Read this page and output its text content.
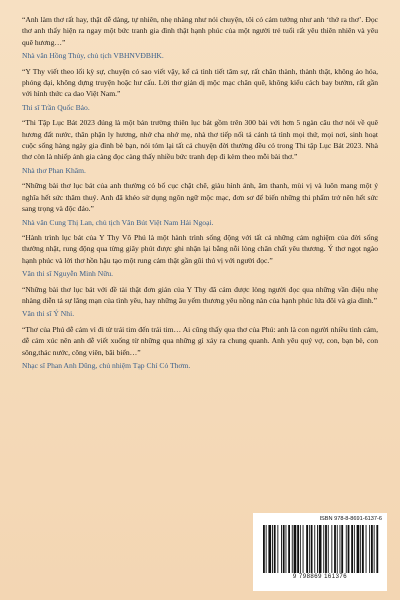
“Anh làm thơ rất hay, thật dễ dàng, tự nhiên, nhẹ nhàng như nói chuyện, tôi có cảm tưởng như anh ‘thở ra thơ’. Đọc thơ anh thấy hiện ra ngay một bức tranh gia đình thật hạnh phúc của một người trẻ tuổi rất yêu thiên nhiên và yêu quê hương…”

Nhà văn Hồng Thủy, chủ tịch VBHNVĐBHK.

“Y Thy viết theo lối kỳ sự, chuyện có sao viết vậy, kể cả tình tiết tâm sự, rất chân thành, thành thật, không ảo hóa, phóng đại, không dựng truyện hoặc hư cấu. Lời thơ giản dị mộc mạc chân quê, không kiểu cách bay bướm, rất gần với hình thức ca dao Việt Nam.”

Thi sĩ Trần Quốc Bảo.

“Thi Tập Lục Bát 2023 đúng là một bản trường thiên lục bát gồm trên 300 bài với hơn 5 ngàn câu thơ nói về quê hương đất nước, thân phận ly hương, nhớ cha nhớ mẹ, nhà thơ tiếp nối tả cảnh tả tình mọi thứ, mọi nơi, sinh hoạt cuộc sống hàng ngày gia đình bè bạn, nói tóm lại tất cả chuyện đời thường đều có trong Thi tập Lục Bát 2023. Nhà thơ còn là nhiếp ảnh gia càng đọc càng thấy nhiều bức tranh đẹp đi kèm theo mỗi bài thơ.”

Nhà thơ Phan Khâm.

“Những bài thơ lục bát của anh thường có bố cục chặt chẽ, giàu hình ảnh, âm thanh, mùi vị và luôn mang một ý nghĩa hết sức thâm thuý. Anh đã khéo sử dụng ngôn ngữ mộc mạc, đơn sơ để biến những thi phẩm trở nên hết sức sang trọng và độc đáo.”

Nhà văn Cung Thị Lan, chủ tịch Văn Bút Việt Nam Hải Ngoại.

“Hành trình lục bát của Y Thy Võ Phú là một hành trình sống động với tất cả những cảm nghiệm của đời sống thường nhật, rung động qua từng giây phút được ghi nhận lại bằng nỗi lòng chân chất yêu thương. Ý thơ ngọt ngào hạnh phúc và lời thơ hồn hậu tạo một rung cảm thật gần gũi thú vị với người đọc.”

Văn thi sĩ Nguyễn Minh Nữu.

“Những bài thơ lục bát với đề tài thật đơn giản của Y Thy đã cảm được lòng người đọc qua những vần điệu nhẹ nhàng diễn tả sự lãng mạn của tình yêu, hay những âu yếm thương yêu nồng nàn của hạnh phúc lứa đôi và gia đình.”

Văn thi sĩ Ý Nhi.

“Thơ của Phú dễ cảm vì đi từ trái tim đến trái tim… Ai cũng thấy qua thơ của Phú: anh là con người nhiều tình cảm, dễ cảm xúc nên anh dễ viết xuống từ những qua những gì xảy ra chung quanh. Anh yêu quý vợ, con, bạn bè, con sông,thác nước, công viên, bãi biển…”

Nhạc sĩ Phan Anh Dũng, chủ nhiệm Tạp Chí Cỏ Thơm.

ISBN 978-8-8691-6137-6
9 798869 161376
